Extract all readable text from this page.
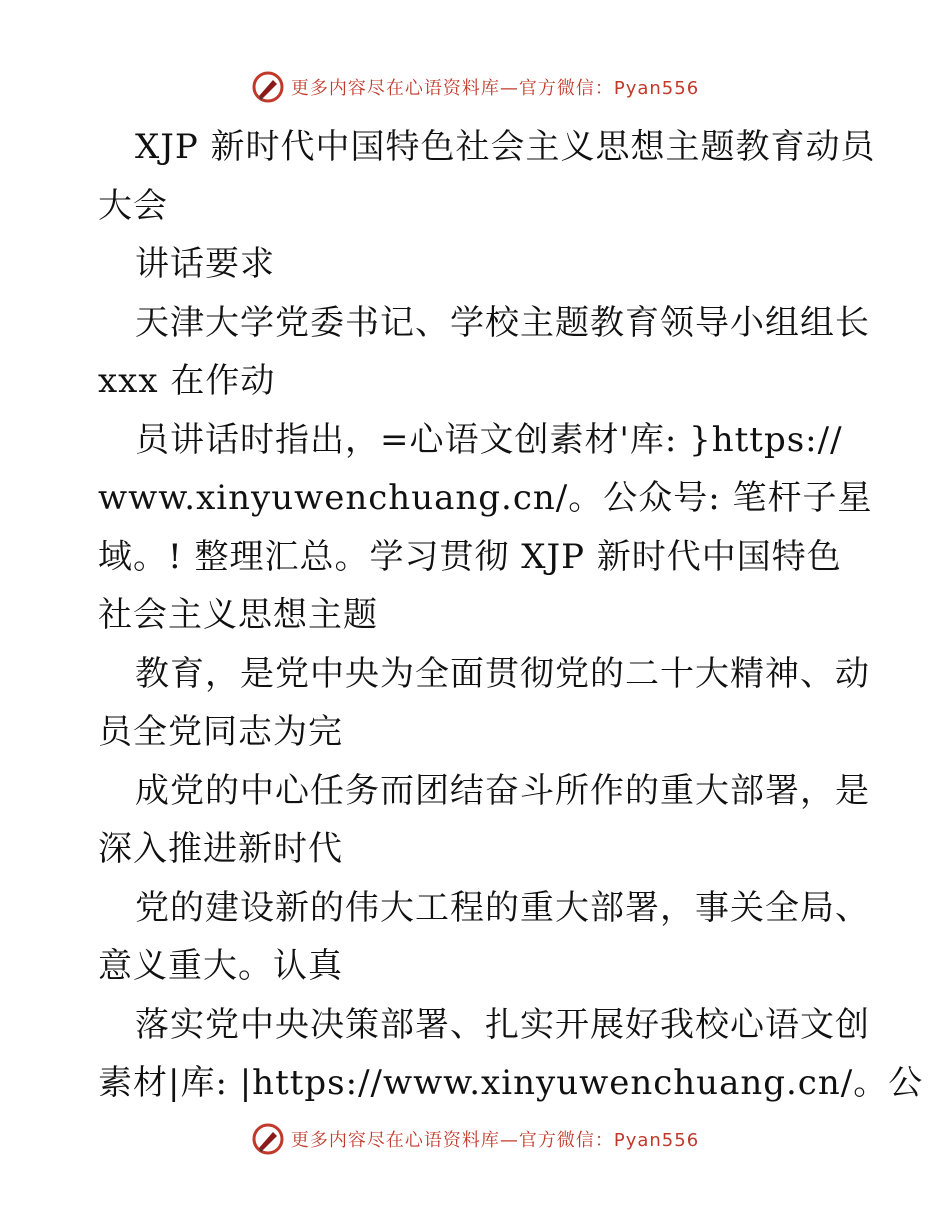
更多内容尽在心语资料库—官方微信：Pyan556
XJP 新时代中国特色社会主义思想主题教育动员
大会
讲话要求
天津大学党委书记、学校主题教育领导小组组长
xxx 在作动
员讲话时指出，=心语文创素材'库: }https://
www.xinyuwenchuang.cn/。公众号: 笔杆子星
域。! 整理汇总。学习贯彻 XJP 新时代中国特色
社会主义思想主题
教育，是党中央为全面贯彻党的二十大精神、动
员全党同志为完
成党的中心任务而团结奋斗所作的重大部署，是
深入推进新时代
党的建设新的伟大工程的重大部署，事关全局、
意义重大。认真
落实党中央决策部署、扎实开展好我校心语文创
素材|库: |https://www.xinyuwenchuang.cn/。公
更多内容尽在心语资料库—官方微信：Pyan556
